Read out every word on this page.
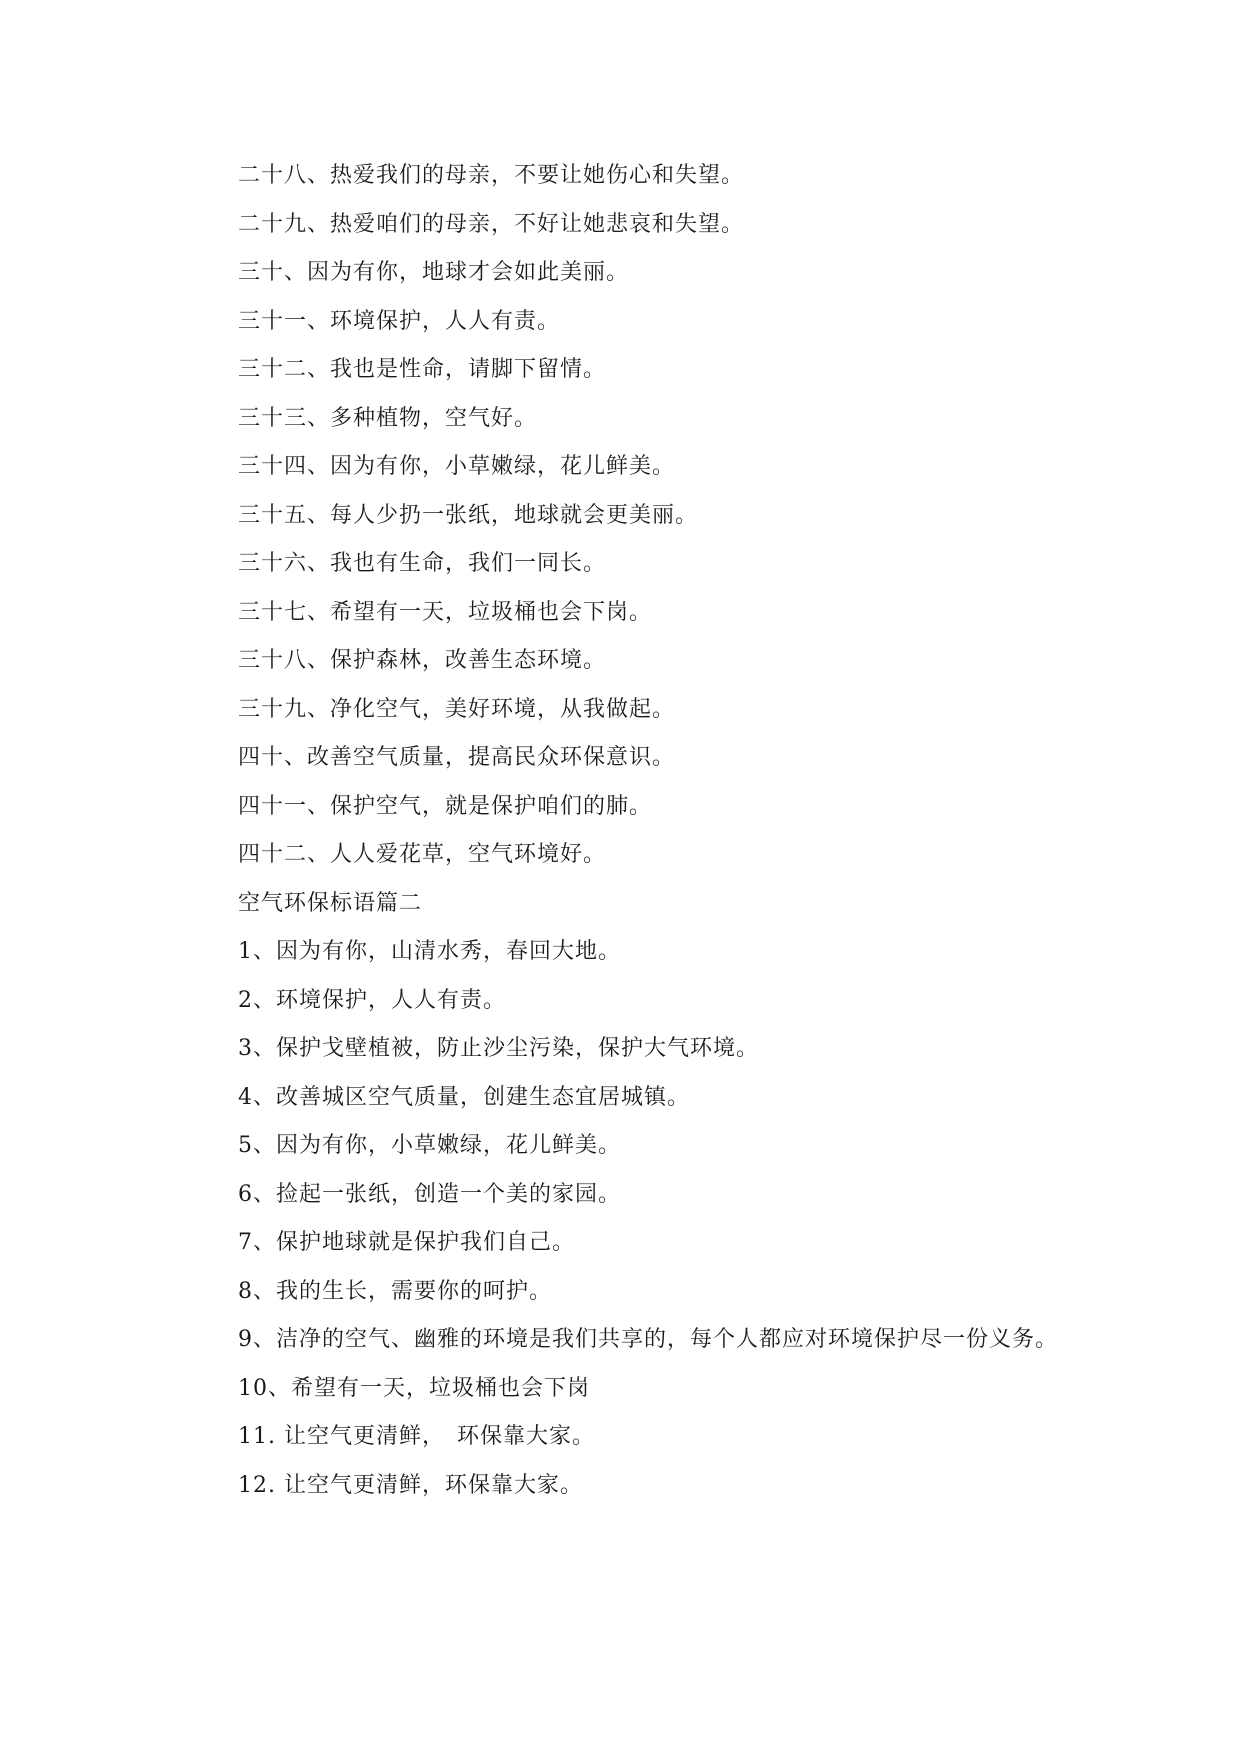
二十八、热爱我们的母亲，不要让她伤心和失望。
二十九、热爱咱们的母亲，不好让她悲哀和失望。
三十、因为有你，地球才会如此美丽。
三十一、环境保护，人人有责。
三十二、我也是性命，请脚下留情。
三十三、多种植物，空气好。
三十四、因为有你，小草嫩绿，花儿鲜美。
三十五、每人少扔一张纸，地球就会更美丽。
三十六、我也有生命，我们一同长。
三十七、希望有一天，垃圾桶也会下岗。
三十八、保护森林，改善生态环境。
三十九、净化空气，美好环境，从我做起。
四十、改善空气质量，提高民众环保意识。
四十一、保护空气，就是保护咱们的肺。
四十二、人人爱花草，空气环境好。
空气环保标语篇二
1、因为有你，山清水秀，春回大地。
2、环境保护，人人有责。
3、保护戈壁植被，防止沙尘污染，保护大气环境。
4、改善城区空气质量，创建生态宜居城镇。
5、因为有你，小草嫩绿，花儿鲜美。
6、捡起一张纸，创造一个美的家园。
7、保护地球就是保护我们自己。
8、我的生长，需要你的呵护。
9、洁净的空气、幽雅的环境是我们共享的，每个人都应对环境保护尽一份义务。
10、希望有一天，垃圾桶也会下岗
11. 让空气更清鲜，　环保靠大家。
12. 让空气更清鲜，环保靠大家。
